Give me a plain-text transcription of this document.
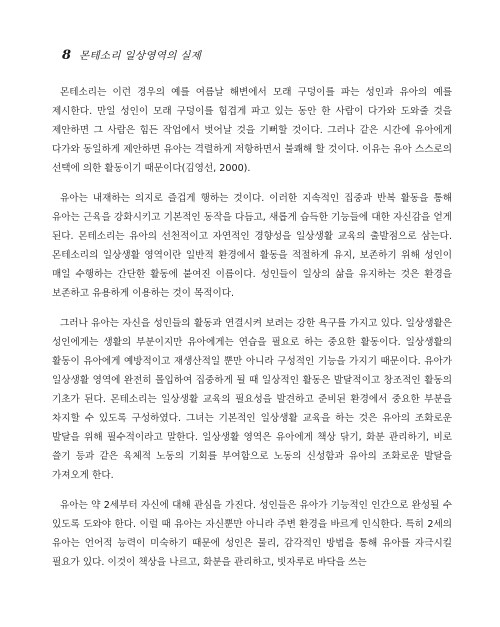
8 몬테소리 일상영역의 실제

몬테소리는 이런 경우의 예를 여름날 해변에서 모래 구덩이를 파는 성인과 유아의 예를 제시한다. 만일 성인이 모래 구덩이를 힘겹게 파고 있는 동안 한 사람이 다가와 도와줄 것을 제안하면 그 사람은 힘든 작업에서 벗어날 것을 기뻐할 것이다. 그러나 같은 시간에 유아에게 다가와 동일하게 제안하면 유아는 격렬하게 저항하면서 불쾌해 할 것이다. 이유는 유아 스스로의 선택에 의한 활동이기 때문이다(김영선, 2000).

유아는 내재하는 의지로 즐겁게 행하는 것이다. 이러한 지속적인 집중과 반복 활동을 통해 유아는 근육을 강화시키고 기본적인 동작을 다듬고, 새롭게 습득한 기능들에 대한 자신감을 얻게 된다. 몬테소리는 유아의 선천적이고 자연적인 경향성을 일상생활 교육의 출발점으로 삼는다. 몬테소리의 일상생활 영역이란 일반적 환경에서 활동을 적절하게 유지, 보존하기 위해 성인이 매일 수행하는 간단한 활동에 붙여진 이름이다. 성인들이 일상의 삶을 유지하는 것은 환경을 보존하고 유용하게 이용하는 것이 목적이다.

그러나 유아는 자신을 성인들의 활동과 연결시켜 보려는 강한 욕구를 가지고 있다. 일상생활은 성인에게는 생활의 부분이지만 유아에게는 연습을 필요로 하는 중요한 활동이다. 일상생활의 활동이 유아에게 예방적이고 재생산적일 뿐만 아니라 구성적인 기능을 가지기 때문이다. 유아가 일상생활 영역에 완전히 몰입하여 집중하게 될 때 일상적인 활동은 발달적이고 창조적인 활동의 기초가 된다. 몬테소리는 일상생활 교육의 필요성을 발견하고 준비된 환경에서 중요한 부분을 차지할 수 있도록 구성하였다. 그녀는 기본적인 일상생활 교육을 하는 것은 유아의 조화로운 발달을 위해 필수적이라고 말한다. 일상생활 영역은 유아에게 책상 닦기, 화분 관리하기, 비로 쓸기 등과 같은 육체적 노동의 기회를 부여함으로 노동의 신성함과 유아의 조화로운 발달을 가져오게 한다.

유아는 약 2세부터 자신에 대해 관심을 가진다. 성인들은 유아가 기능적인 인간으로 완성될 수 있도록 도와야 한다. 이럴 때 유아는 자신뿐만 아니라 주변 환경을 바르게 인식한다. 특히 2세의 유아는 언어적 능력이 미숙하기 때문에 성인은 물리, 감각적인 방법을 통해 유아를 자극시킬 필요가 있다. 이것이 책상을 나르고, 화분을 관리하고, 빗자루로 바닥을 쓰는
